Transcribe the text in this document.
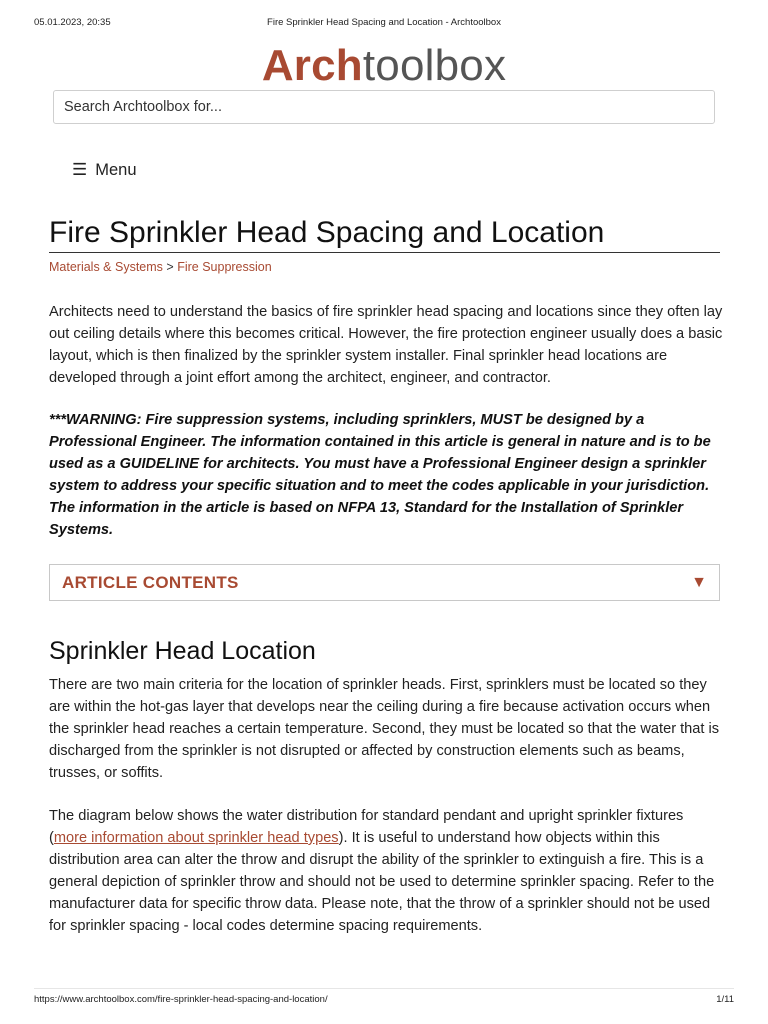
05.01.2023, 20:35	Fire Sprinkler Head Spacing and Location - Archtoolbox
Archtoolbox
Search Archtoolbox for...
☰ Menu
Fire Sprinkler Head Spacing and Location
Materials & Systems > Fire Suppression

Architects need to understand the basics of fire sprinkler head spacing and locations since they often lay out ceiling details where this becomes critical. However, the fire protection engineer usually does a basic layout, which is then finalized by the sprinkler system installer. Final sprinkler head locations are developed through a joint effort among the architect, engineer, and contractor.

***WARNING: Fire suppression systems, including sprinklers, MUST be designed by a Professional Engineer. The information contained in this article is general in nature and is to be used as a GUIDELINE for architects. You must have a Professional Engineer design a sprinkler system to address your specific situation and to meet the codes applicable in your jurisdiction. The information in the article is based on NFPA 13, Standard for the Installation of Sprinkler Systems.

ARTICLE CONTENTS	▼
Sprinkler Head Location

There are two main criteria for the location of sprinkler heads. First, sprinklers must be located so they are within the hot-gas layer that develops near the ceiling during a fire because activation occurs when the sprinkler head reaches a certain temperature. Second, they must be located so that the water that is discharged from the sprinkler is not disrupted or affected by construction elements such as beams, trusses, or soffits.

The diagram below shows the water distribution for standard pendant and upright sprinkler fixtures (more information about sprinkler head types). It is useful to understand how objects within this distribution area can alter the throw and disrupt the ability of the sprinkler to extinguish a fire. This is a general depiction of sprinkler throw and should not be used to determine sprinkler spacing. Refer to the manufacturer data for specific throw data. Please note, that the throw of a sprinkler should not be used for sprinkler spacing - local codes determine spacing requirements.

https://www.archtoolbox.com/fire-sprinkler-head-spacing-and-location/	1/11
